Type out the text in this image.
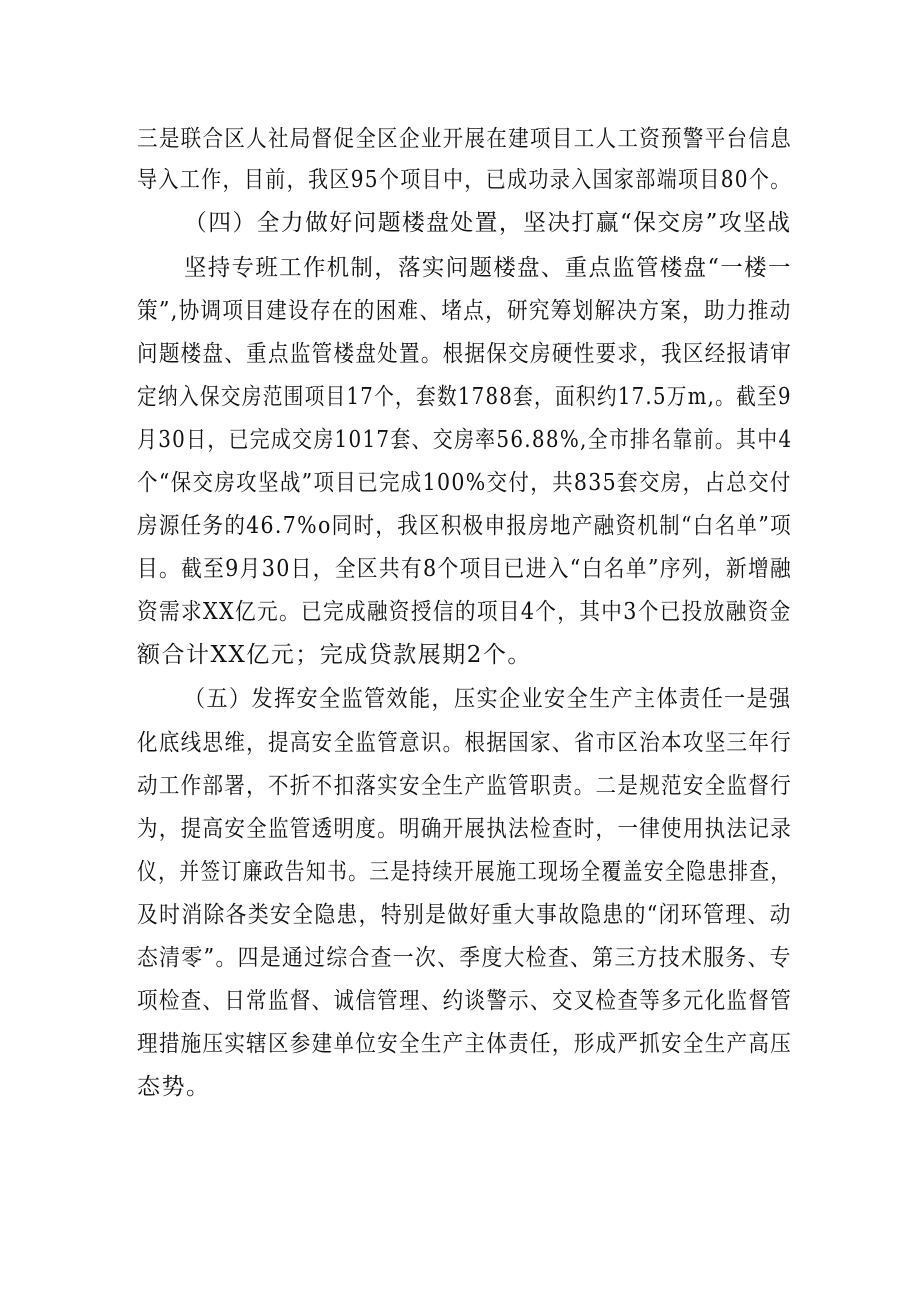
三是联合区人社局督促全区企业开展在建项目工人工资预警平台信息
导入工作，目前，我区95个项目中，已成功录入国家部端项目80个。
（四）全力做好问题楼盘处置，坚决打赢“保交房”攻坚战
坚持专班工作机制，落实问题楼盘、重点监管楼盘“一楼一
策”,协调项目建设存在的困难、堵点，研究筹划解决方案，助力推动
问题楼盘、重点监管楼盘处置。根据保交房硬性要求，我区经报请审
定纳入保交房范围项目17个，套数1788套，面积约17.5万m,。截至9
月30日，已完成交房1017套、交房率56.88%,全市排名靠前。其中4
个“保交房攻坚战”项目已完成100%交付，共835套交房，占总交付
房源任务的46.7%o同时，我区积极申报房地产融资机制“白名单”项
目。截至9月30日，全区共有8个项目已进入“白名单”序列，新增融
资需求XX亿元。已完成融资授信的项目4个，其中3个已投放融资金
额合计XX亿元；完成贷款展期2个。
（五）发挥安全监管效能，压实企业安全生产主体责任一是强
化底线思维，提高安全监管意识。根据国家、省市区治本攻坚三年行
动工作部署，不折不扣落实安全生产监管职责。二是规范安全监督行
为，提高安全监管透明度。明确开展执法检查时，一律使用执法记录
仪，并签订廉政告知书。三是持续开展施工现场全覆盖安全隐患排查，
及时消除各类安全隐患，特别是做好重大事故隐患的“闭环管理、动
态清零”。四是通过综合查一次、季度大检查、第三方技术服务、专
项检查、日常监督、诚信管理、约谈警示、交叉检查等多元化监督管
理措施压实辖区参建单位安全生产主体责任，形成严抓安全生产高压
态势。
